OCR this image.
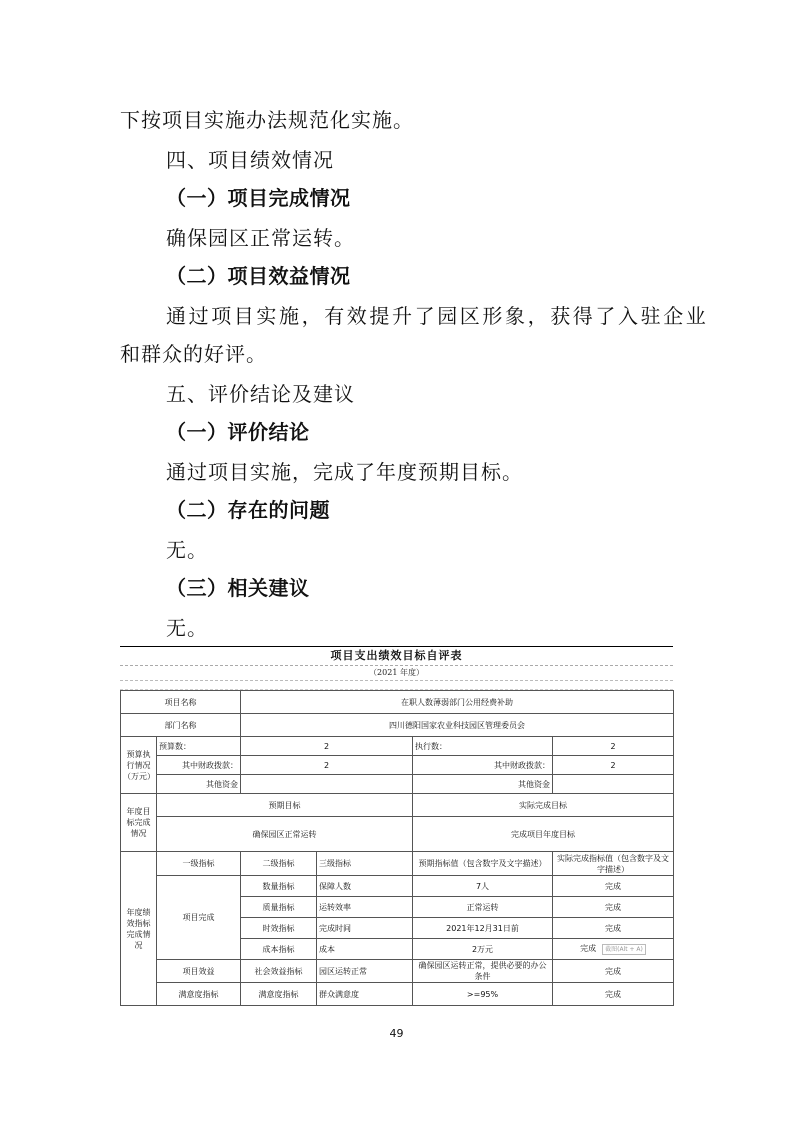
下按项目实施办法规范化实施。
四、项目绩效情况
（一）项目完成情况
确保园区正常运转。
（二）项目效益情况
通过项目实施，有效提升了园区形象，获得了入驻企业
和群众的好评。
五、评价结论及建议
（一）评价结论
通过项目实施，完成了年度预期目标。
（二）存在的问题
无。
（三）相关建议
无。
项目支出绩效目标自评表
（2021 年度）
项目名称		在职人数薄弱部门公用经费补助			
部门名称		四川德阳国家农业科技园区管理委员会			
预算执行情况（万元）	预算数：	2		执行数：	2
	其中财政拨款：	2		其中财政拨款：	2
	其他资金			其他资金	
年度目标完成情况	预期目标			实际完成目标	
	确保园区正常运转			完成项目年度目标	
年度绩效指标完成情况	一级指标	二级指标	三级指标	预期指标值（包含数字及文字描述）	实际完成指标值（包含数字及文字描述）
	项目完成	数量指标	保障人数	7人	完成
		质量指标	运转效率	正常运转	完成
		时效指标	完成时间	2021年12月31日前	完成
		成本指标	成本	2万元	完成 截图(Alt + A)
	项目效益	社会效益指标	园区运转正常	确保园区运转正常，提供必要的办公条件	完成
	满意度指标	满意度指标	群众满意度	>=95%	完成
49
